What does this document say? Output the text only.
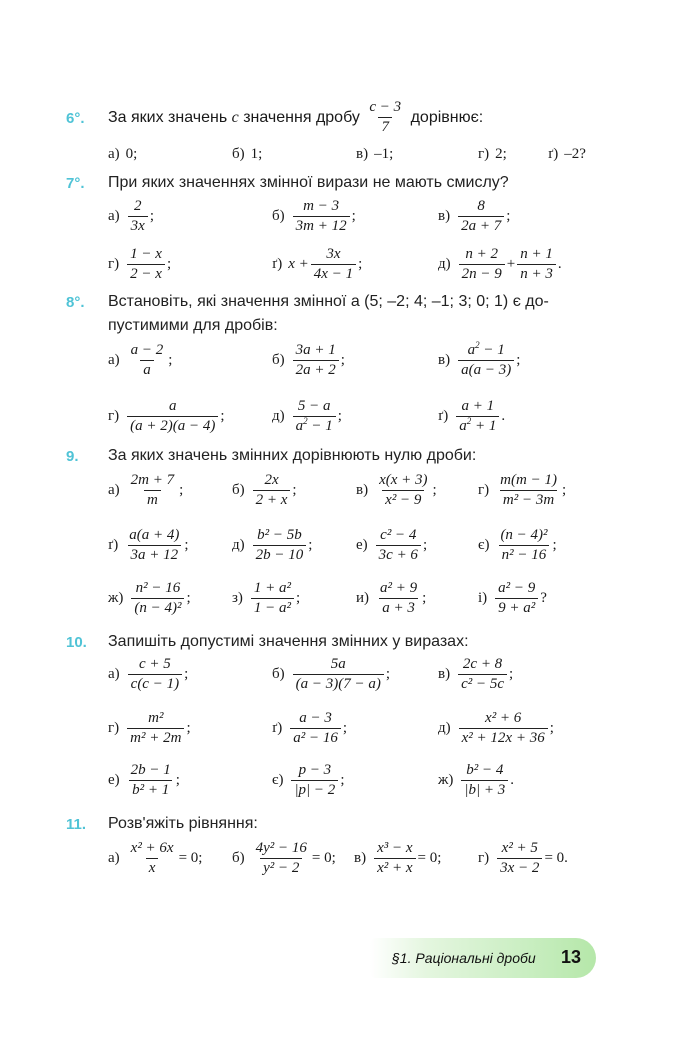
6°. За яких значень
c
значення дробу
$\frac{c - 3}{7}$
дорівнює:
а) 0;	б) 1;	в) –1;	г) 2;	ґ) –2?
7°. При яких значеннях змінної вирази не мають смислу?
$а) \frac{2}{3x}$ ;	$б) \frac{m - 3}{3m + 12}$ ;	$в) \frac{8}{2a + 7}$ ;
$г) \frac{1 - x}{2 - x}$ ;	ґ) $x + \frac{3x}{4x - 1}$ ;	$д) \frac{n + 2}{2n - 9} + \frac{n + 1}{n + 3}$ .
8°. Встановіть, які значення змінної a (5; –2; 4; –1; 3; 0; 1) є до-
пустимими для дробів:
$а) \frac{a - 2}{a}$ ;	$б) \frac{3a + 1}{2a + 2}$ ;	$в) \frac{a^2 - 1}{a(a - 3)}$ ;
$г) \frac{a}{(a + 2)(a - 4)}$ ;	$д) \frac{5 - a}{a^2 - 1}$ ;	$ґ) \frac{a + 1}{a^2 + 1}$ .
9. За яких значень змінних дорівнюють нулю дроби:
$а) \frac{2m + 7}{m}$ ;	$б) \frac{2x}{2 + x}$ ;	$в) \frac{x(x + 3)}{\text{x² − 9}}$ ;	$г) \frac{m(m - 1)}{\text{m² − 3m}}$ ;
$ґ) \frac{a(a + 4)}{3a + 12}$ ;	$д) \frac{\text{b² − 5b}}{2b - 10}$ ;	$е) \frac{\text{c² − 4}}{3c + 6}$ ;	$є) \frac{\text{(n − 4)²}}{\text{n² − 16}}$ ;
$ж) \frac{\text{n² − 16}}{\text{(n − 4)²}}$ ;	$з) \frac{\text{1 + a²}}{\text{1 − a²}}$ ;	$и) \frac{\text{a² + 9}}{a + 3}$ ;	$і) \frac{\text{a² − 9}}{\text{9 + a²}}$ ?
10. Запишіть допустимі значення змінних у виразах:
$а) \frac{c + 5}{c(c - 1)}$ ;	$б) \frac{5a}{(a - 3)(7 - a)}$ ;	$в) \frac{2c + 8}{\text{c² − 5c}}$ ;
$г) \frac{\text{m²}}{\text{m² + 2m}}$ ;	$ґ) \frac{a - 3}{\text{a² − 16}}$ ;	$д) \frac{\text{x² + 6}}{\text{x² + 12x + 36}}$ ;
$е) \frac{2b - 1}{\text{b² + 1}}$ ;	$є) \frac{p - 3}{|p| - 2}$ ;	$ж) \frac{\text{b² − 4}}{|b| + 3}$ .
11. Розв'яжіть рівняння:
$а) \frac{\text{x² + 6x}}{x} = 0$; $б) \frac{\text{4y² − 16}}{\text{y² − 2}} = 0$; $в) \frac{\text{x³ − x}}{\text{x² + x}} = 0$; $г) \frac{\text{x² + 5}}{3x - 2} = 0$.
§1. Раціональні дроби 13
